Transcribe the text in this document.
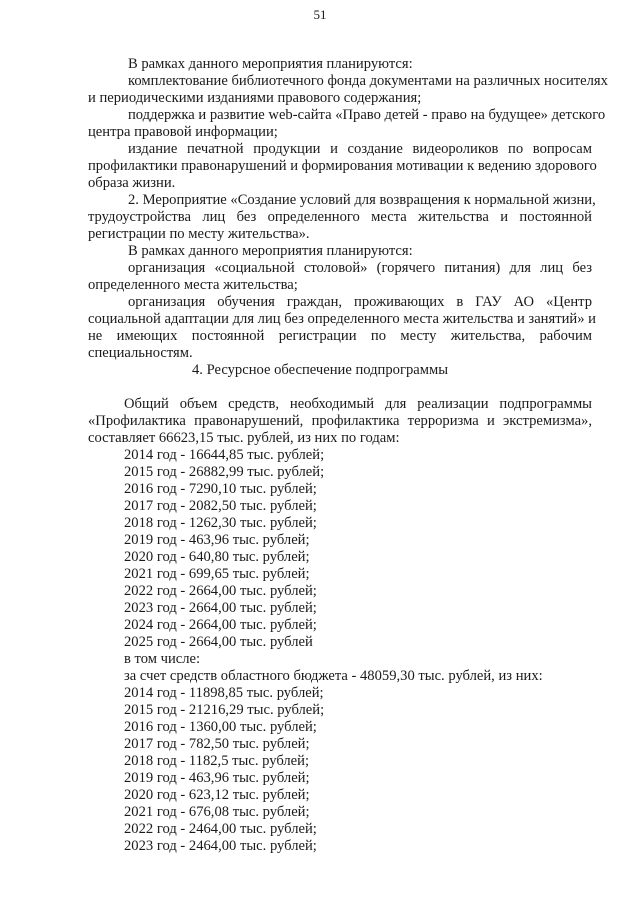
51
В рамках данного мероприятия планируются:
комплектование библиотечного фонда документами на различных носителях
и периодическими изданиями правового содержания;
поддержка и развитие web-сайта «Право детей - право на будущее» детского
центра правовой информации;
издание печатной продукции и создание видеороликов по вопросам
профилактики правонарушений и формирования мотивации к ведению здорового
образа жизни.
2. Мероприятие «Создание условий для возвращения к нормальной жизни,
трудоустройства лиц без определенного места жительства и постоянной
регистрации по месту жительства».
В рамках данного мероприятия планируются:
организация «социальной столовой» (горячего питания) для лиц без
определенного места жительства;
организация обучения граждан, проживающих в ГАУ АО «Центр
социальной адаптации для лиц без определенного места жительства и занятий» и
не имеющих постоянной регистрации по месту жительства, рабочим
специальностям.
4. Ресурсное обеспечение подпрограммы
Общий объем средств, необходимый для реализации подпрограммы
«Профилактика правонарушений, профилактика терроризма и экстремизма»,
составляет 66623,15 тыс. рублей, из них по годам:
2014 год - 16644,85 тыс. рублей;
2015 год - 26882,99 тыс. рублей;
2016 год - 7290,10 тыс. рублей;
2017 год - 2082,50 тыс. рублей;
2018 год - 1262,30 тыс. рублей;
2019 год - 463,96 тыс. рублей;
2020 год - 640,80 тыс. рублей;
2021 год - 699,65 тыс. рублей;
2022 год - 2664,00 тыс. рублей;
2023 год - 2664,00 тыс. рублей;
2024 год - 2664,00 тыс. рублей;
2025 год - 2664,00 тыс. рублей
в том числе:
за счет средств областного бюджета - 48059,30 тыс. рублей, из них:
2014 год - 11898,85 тыс. рублей;
2015 год - 21216,29 тыс. рублей;
2016 год - 1360,00 тыс. рублей;
2017 год - 782,50 тыс. рублей;
2018 год - 1182,5 тыс. рублей;
2019 год - 463,96 тыс. рублей;
2020 год - 623,12 тыс. рублей;
2021 год - 676,08 тыс. рублей;
2022 год - 2464,00 тыс. рублей;
2023 год - 2464,00 тыс. рублей;
